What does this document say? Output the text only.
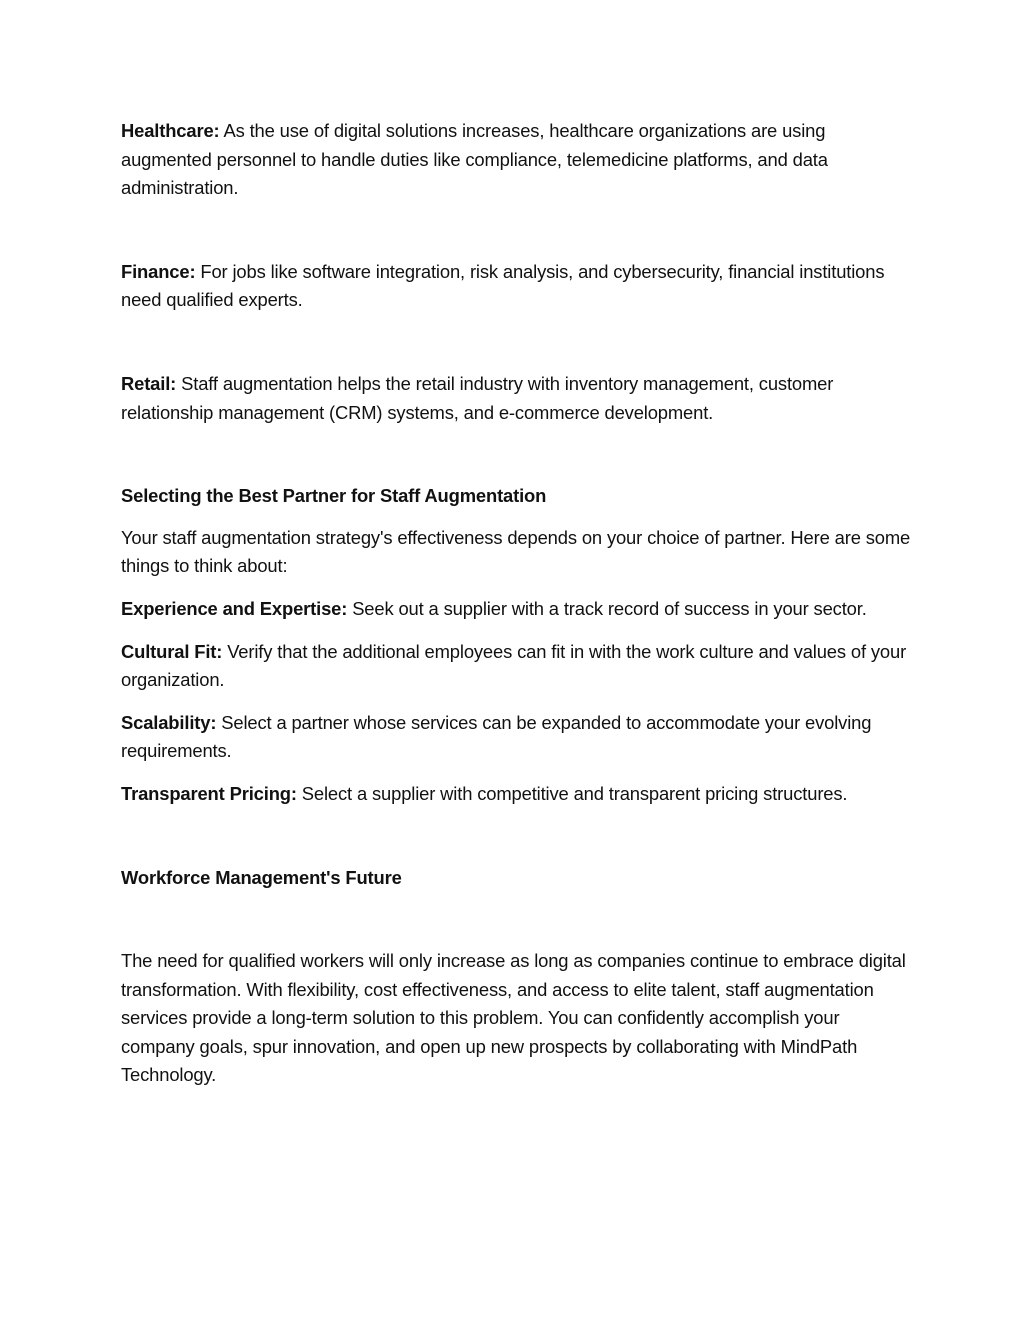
Healthcare: As the use of digital solutions increases, healthcare organizations are using augmented personnel to handle duties like compliance, telemedicine platforms, and data administration.

Finance: For jobs like software integration, risk analysis, and cybersecurity, financial institutions need qualified experts.

Retail: Staff augmentation helps the retail industry with inventory management, customer relationship management (CRM) systems, and e-commerce development.

Selecting the Best Partner for Staff Augmentation

Your staff augmentation strategy's effectiveness depends on your choice of partner. Here are some things to think about:

Experience and Expertise: Seek out a supplier with a track record of success in your sector.

Cultural Fit: Verify that the additional employees can fit in with the work culture and values of your organization.

Scalability: Select a partner whose services can be expanded to accommodate your evolving requirements.

Transparent Pricing: Select a supplier with competitive and transparent pricing structures.

Workforce Management's Future

The need for qualified workers will only increase as long as companies continue to embrace digital transformation. With flexibility, cost effectiveness, and access to elite talent, staff augmentation services provide a long-term solution to this problem. You can confidently accomplish your company goals, spur innovation, and open up new prospects by collaborating with MindPath Technology.
